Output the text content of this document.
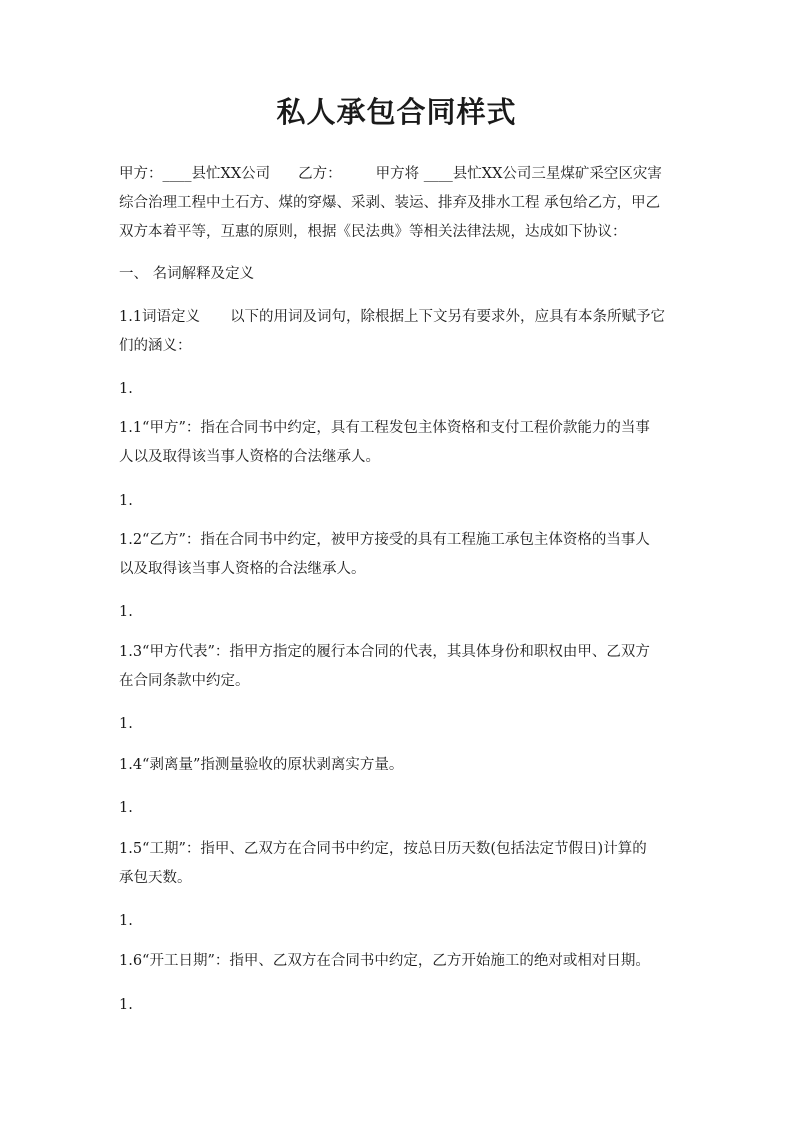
私人承包合同样式
甲方：____县忙XX公司 乙方： 甲方将 ____县忙XX公司三星煤矿采空区灾害
综合治理工程中土石方、煤的穿爆、采剥、装运、排弃及排水工程 承包给乙方，甲乙
双方本着平等，互惠的原则，根据《民法典》等相关法律法规，达成如下协议：
一、 名词解释及定义
1.1词语定义 以下的用词及词句，除根据上下文另有要求外，应具有本条所赋予它
们的涵义：
1.
1.1“甲方”：指在合同书中约定，具有工程发包主体资格和支付工程价款能力的当事
人以及取得该当事人资格的合法继承人。
1.
1.2“乙方”：指在合同书中约定，被甲方接受的具有工程施工承包主体资格的当事人
以及取得该当事人资格的合法继承人。
1.
1.3“甲方代表”：指甲方指定的履行本合同的代表，其具体身份和职权由甲、乙双方
在合同条款中约定。
1.
1.4“剥离量”指测量验收的原状剥离实方量。
1.
1.5“工期”：指甲、乙双方在合同书中约定，按总日历天数(包括法定节假日)计算的
承包天数。
1.
1.6“开工日期”：指甲、乙双方在合同书中约定，乙方开始施工的绝对或相对日期。
1.
